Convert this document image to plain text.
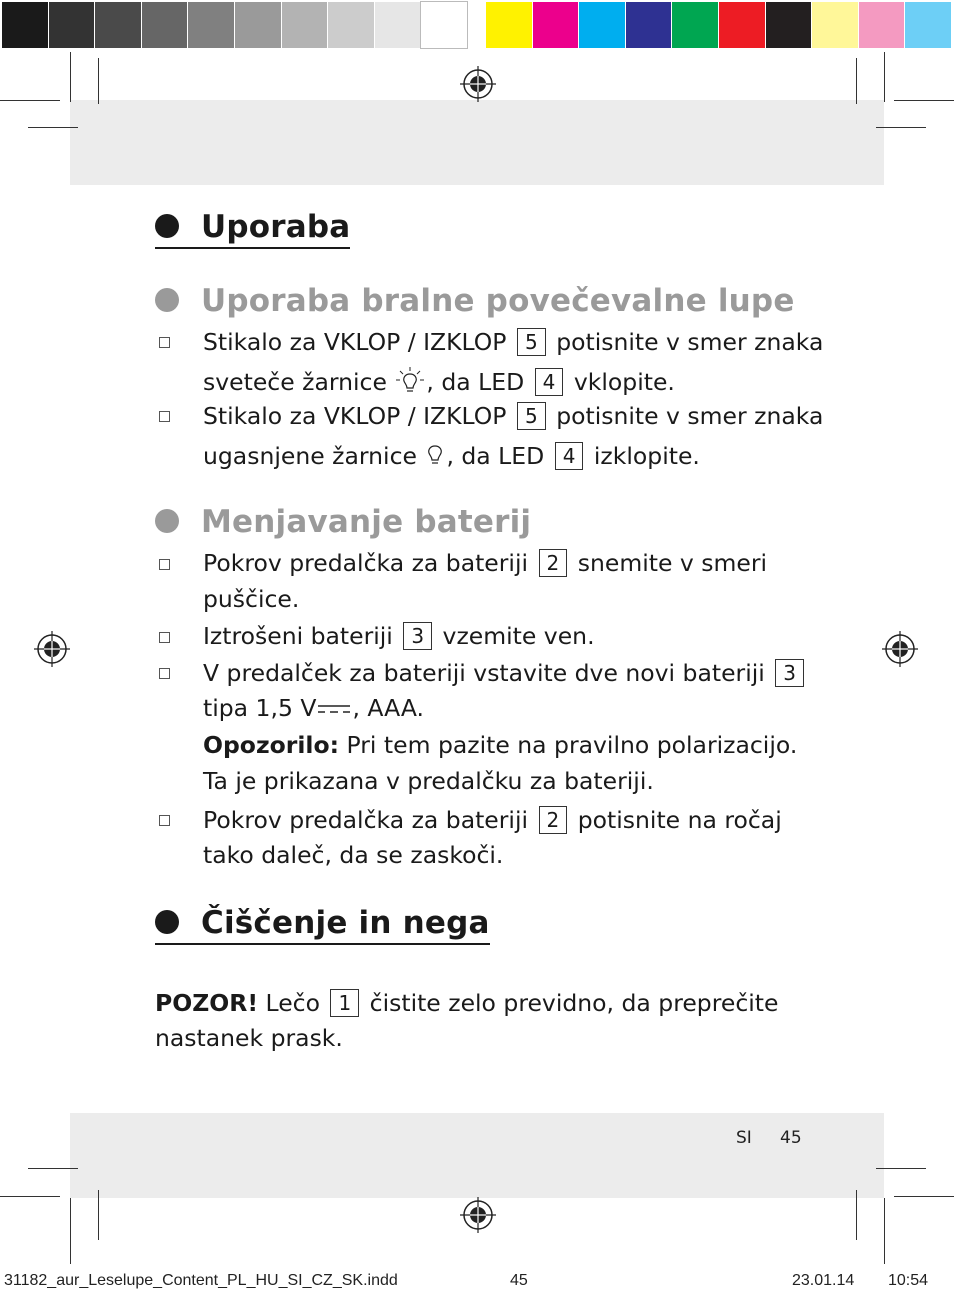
Uporaba
Uporaba bralne povečevalne lupe
Stikalo za VKLOP / IZKLOP 5 potisnite v smer znaka
sveteče žarnice , da LED 4 vklopite.
Stikalo za VKLOP / IZKLOP 5 potisnite v smer znaka
ugasnjene žarnice , da LED 4 izklopite.
Menjavanje baterij
Pokrov predalčka za bateriji 2 snemite v smeri
puščice.
Iztrošeni bateriji 3 vzemite ven.
V predalček za bateriji vstavite dve novi bateriji 3
tipa 1,5 V , AAA.
Opozorilo: Pri tem pazite na pravilno polarizacijo.
Ta je prikazana v predalčku za bateriji.
Pokrov predalčka za bateriji 2 potisnite na ročaj
tako daleč, da se zaskoči.
Čiščenje in nega
POZOR! Lečo 1 čistite zelo previdno, da preprečite
nastanek prask.
SI 45
31182_aur_Leselupe_Content_PL_HU_SI_CZ_SK.indd	45	23.01.14 10:54
